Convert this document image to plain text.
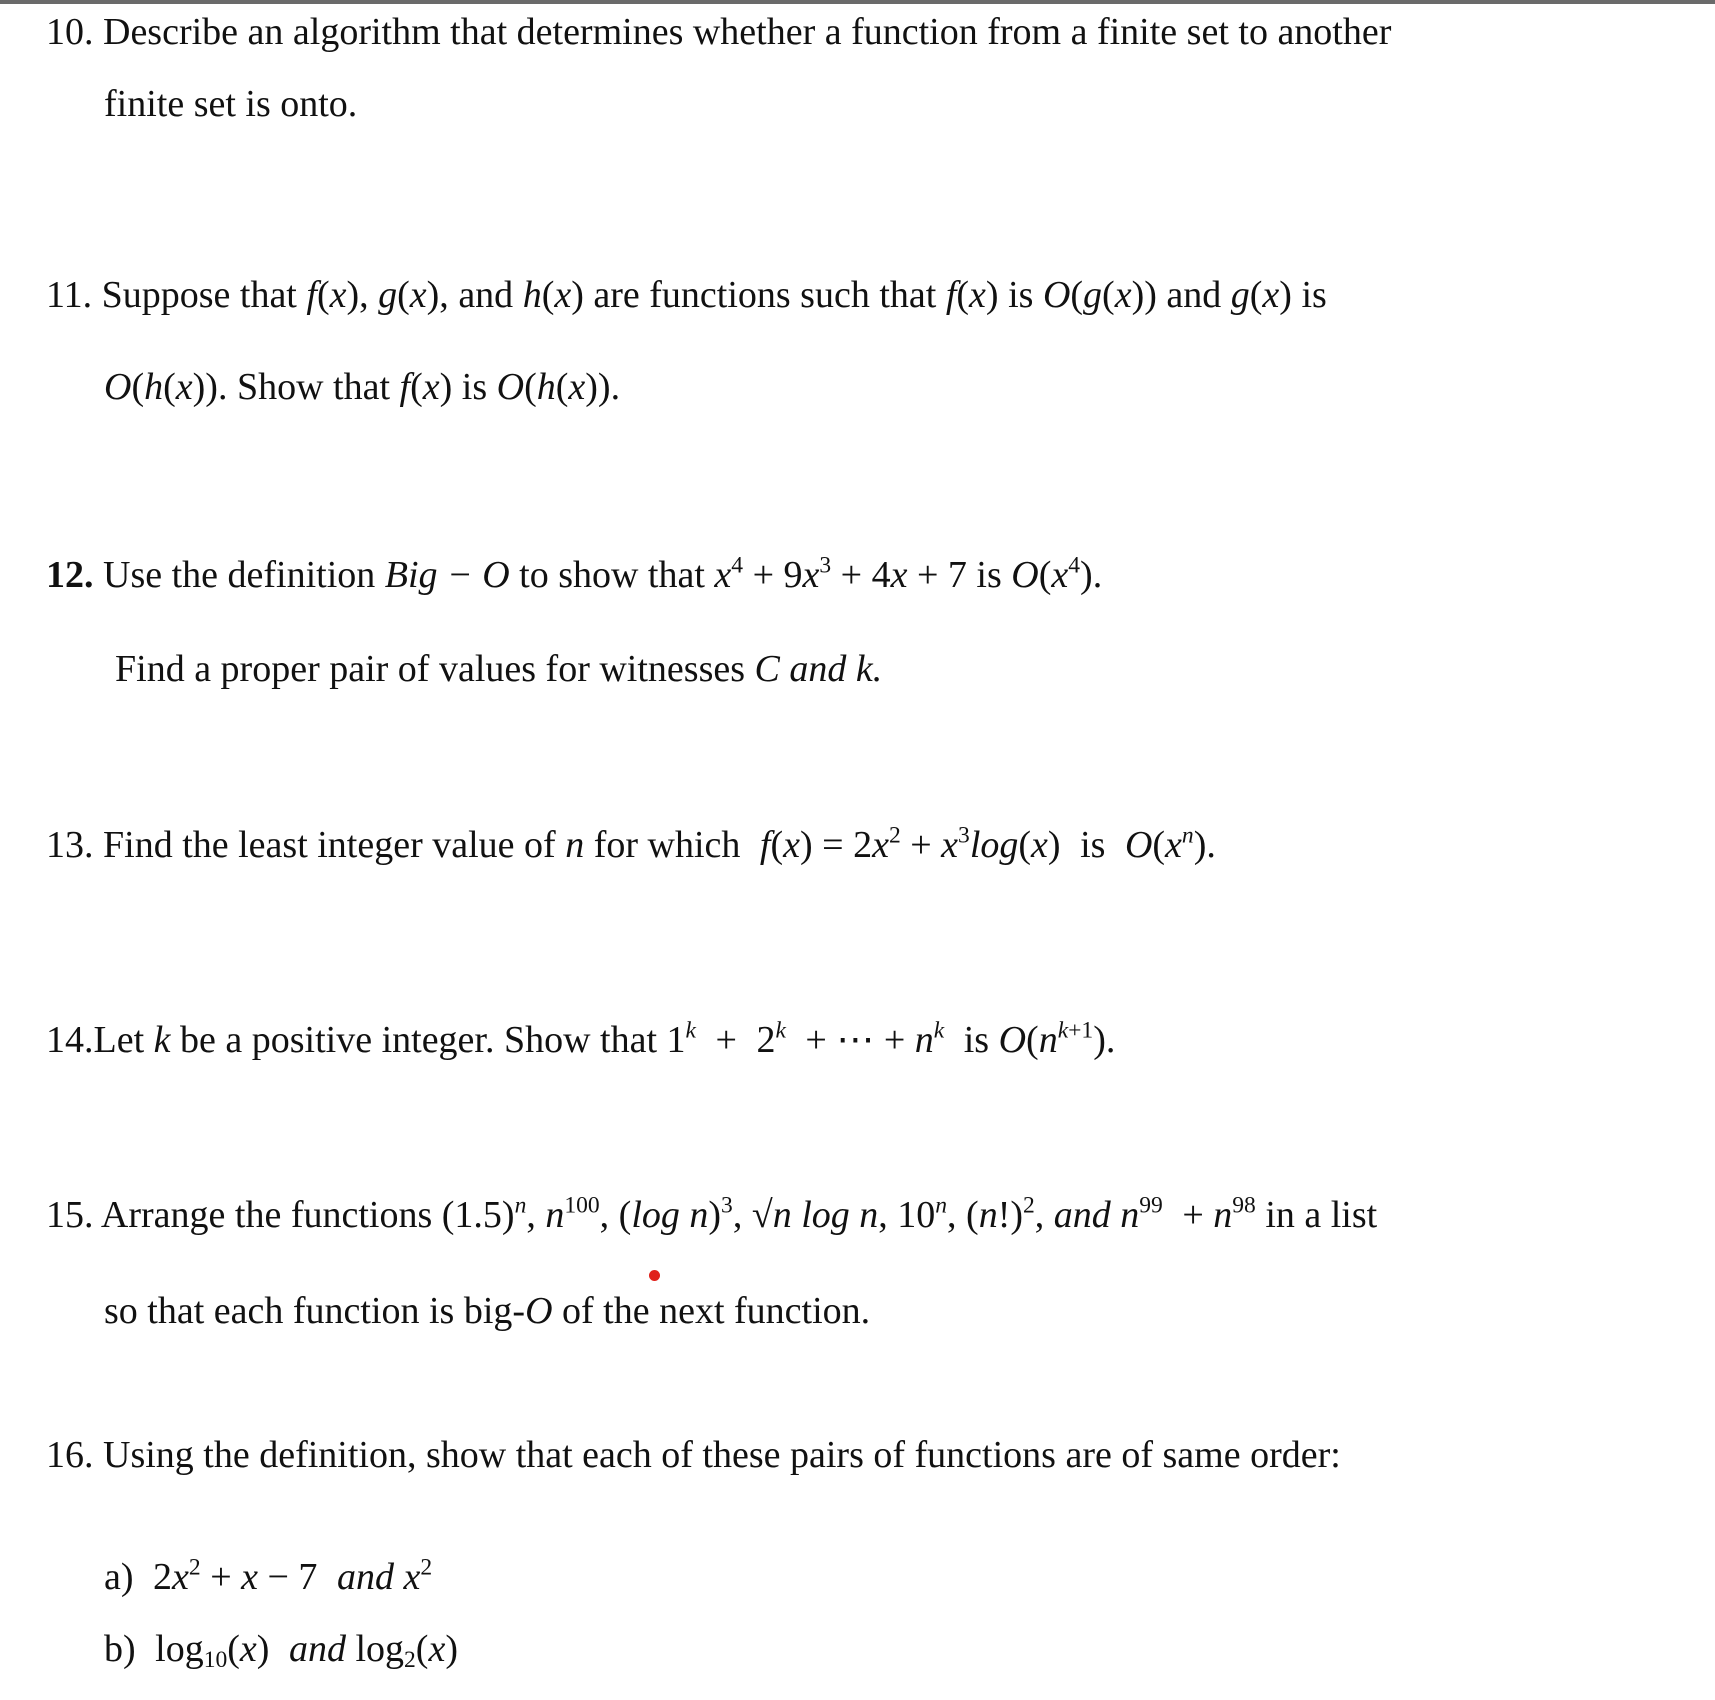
10. Describe an algorithm that determines whether a function from a finite set to another
finite set is onto.
11. Suppose that f(x), g(x), and h(x) are functions such that f(x) is O(g(x)) and g(x) is
O(h(x)). Show that f(x) is O(h(x)).
12. Use the definition Big − O to show that $x^4 + 9x^3 + 4x + 7$ is $O(x^4)$.
Find a proper pair of values for witnesses C and k.
13. Find the least integer value of n for which $f(x) = 2x^2 + x^3\log(x)$ is $O(x^n)$.
14.Let k be a positive integer. Show that $1^k + 2^k$ + ⋯ + $n^k$ is $O(n^{k+1})$.
15. Arrange the functions $(1.5)^n$, $n^{100}$, (log n)$^3$, √n log n, 10$^n$, $(n!)^2$, and $n^{99} + n^{98}$ in a list
so that each function is big-O of the next function.
16. Using the definition, show that each of these pairs of functions are of same order:
a) $2x^2 + x - 7$ and $x^2$
b) $\log_{10}(x)$ and $\log_2(x)$
